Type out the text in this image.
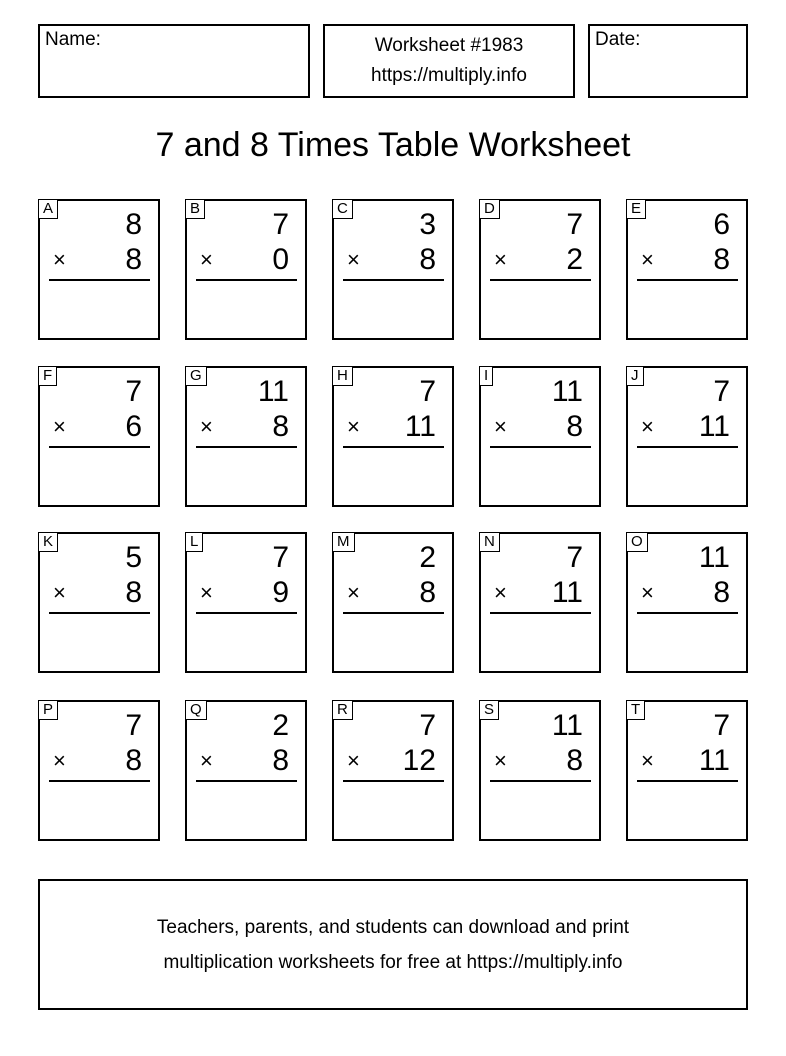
Name:	Worksheet #1983
https://multiply.info
Date:
7 and 8 Times Table Worksheet
A 8
× 8
B 7
× 0
C 3
× 8
D 7
× 2
E 6
× 8
F 7
× 6
G 11
× 8
H 7
× 11
I 11
× 8
J 7
× 11
K 5
× 8
L 7
× 9
M 2
× 8
N 7
× 11
O 11
× 8
P 7
× 8
Q 2
× 8
R 7
× 12
S 11
× 8
T 7
× 11
Teachers, parents, and students can download and print
multiplication worksheets for free at https://multiply.info
